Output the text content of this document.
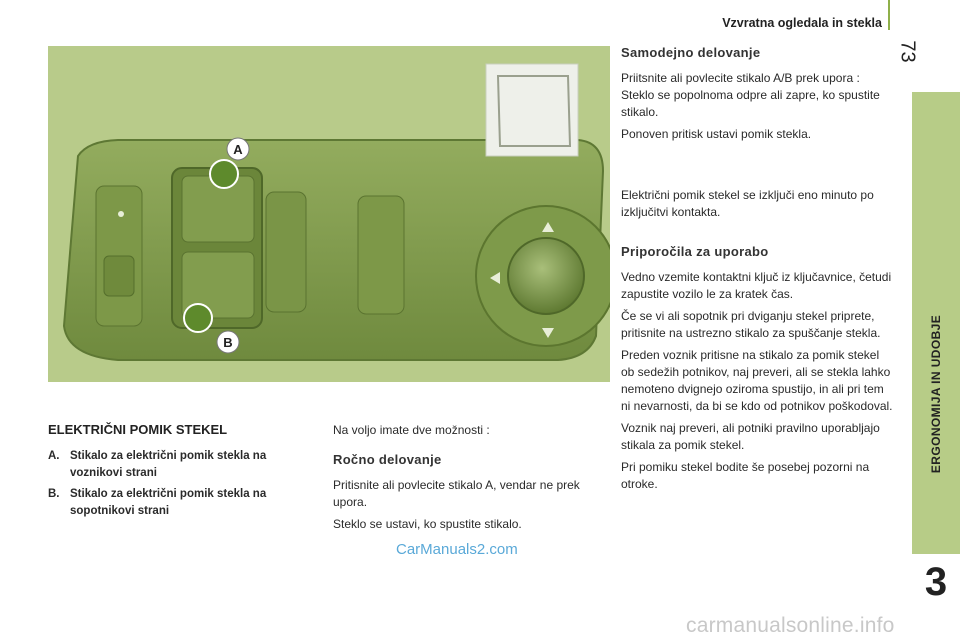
Vzvratna ogledala in stekla
73
ERGONOMIJA IN UDOBJE
3
A
B
ELEKTRIČNI POMIK STEKEL
A. Stikalo za električni pomik stekla na voznikovi strani
B. Stikalo za električni pomik stekla na sopotnikovi strani

Na voljo imate dve možnosti :

Ročno delovanje

Pritisnite ali povlecite stikalo A, vendar ne prek upora.

Steklo se ustavi, ko spustite stikalo.

Samodejno delovanje

Priitsnite ali povlecite stikalo A/B prek upora : Steklo se popolnoma odpre ali zapre, ko spustite stikalo.

Ponoven pritisk ustavi pomik stekla.

Električni pomik stekel se izključi eno minuto po izključitvi kontakta.

Priporočila za uporabo

Vedno vzemite kontaktni ključ iz ključavnice, četudi zapustite vozilo le za kratek čas.

Če se vi ali sopotnik pri dviganju stekel priprete, pritisnite na ustrezno stikalo za spuščanje stekla.

Preden voznik pritisne na stikalo za pomik stekel ob sedežih potnikov, naj preveri, ali se stekla lahko nemoteno dvignejo oziroma spustijo, in ali pri tem ni nevarnosti, da bi se kdo od potnikov poškodoval.

Voznik naj preveri, ali potniki pravilno uporabljajo stikala za pomik stekel.

Pri pomiku stekel bodite še posebej pozorni na otroke.

CarManuals2.com
carmanualsonline.info
